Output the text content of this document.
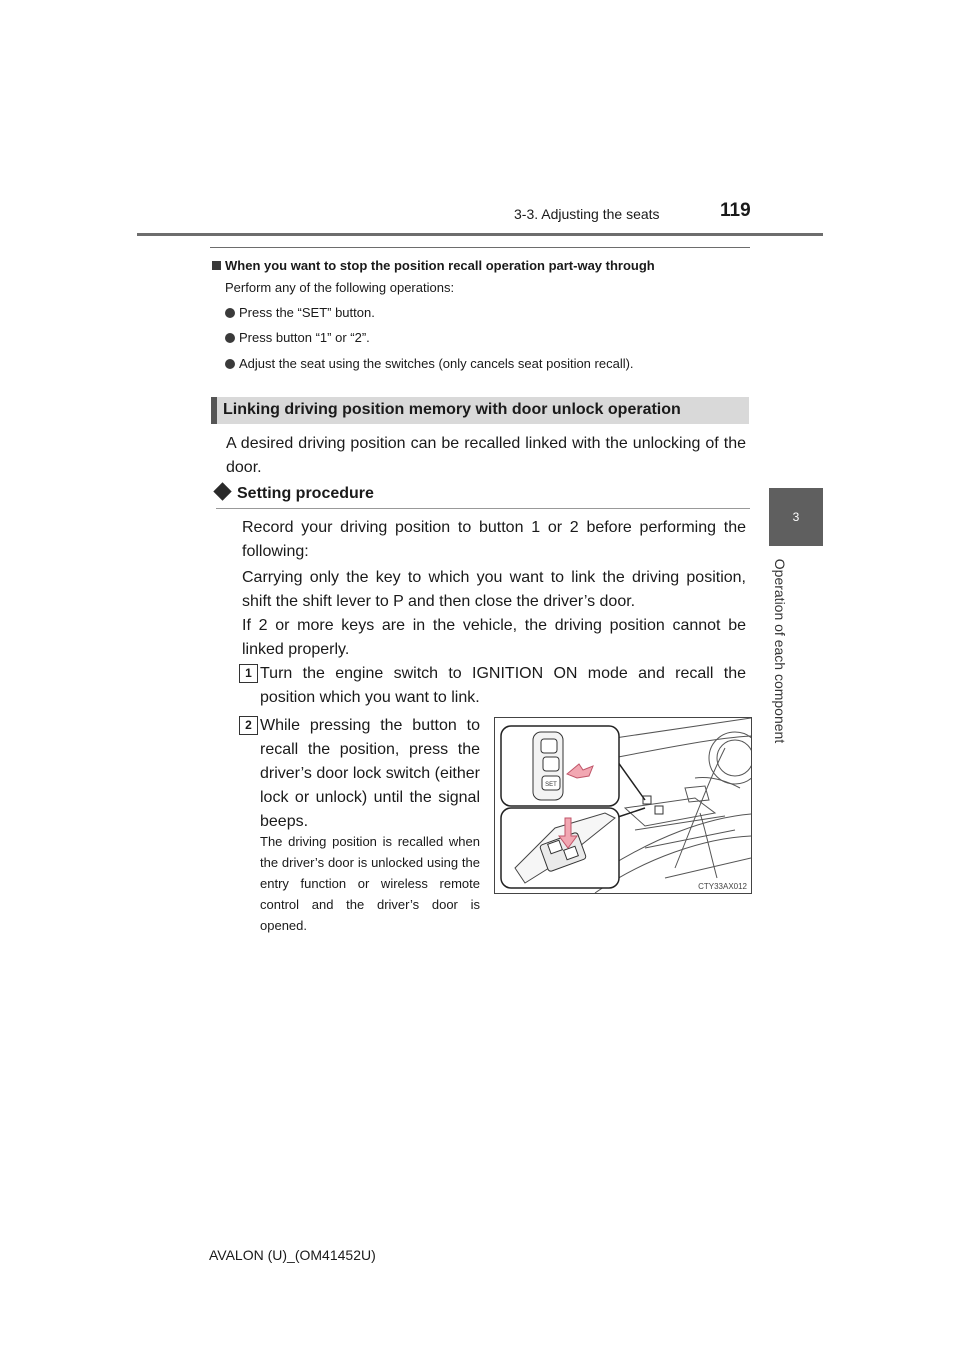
3-3. Adjusting the seats	119
3
Operation of each component
When you want to stop the position recall operation part-way through
Perform any of the following operations:
Press the “SET” button.
Press button “1” or “2”.
Adjust the seat using the switches (only cancels seat position recall).
Linking driving position memory with door unlock operation
A desired driving position can be recalled linked with the unlocking of the door.
Setting procedure
Record your driving position to button 1 or 2 before performing the following:
Carrying only the key to which you want to link the driving position, shift the shift lever to P and then close the driver’s door.
If 2 or more keys are in the vehicle, the driving position cannot be linked properly.
1 Turn the engine switch to IGNITION ON mode and recall the position which you want to link.
2 While pressing the button to recall the position, press the driver’s door lock switch (either lock or unlock) until the signal beeps.
The driving position is recalled when the driver’s door is unlocked using the entry function or wireless remote control and the driver’s door is opened.
SET
CTY33AX012
AVALON (U)_(OM41452U)
